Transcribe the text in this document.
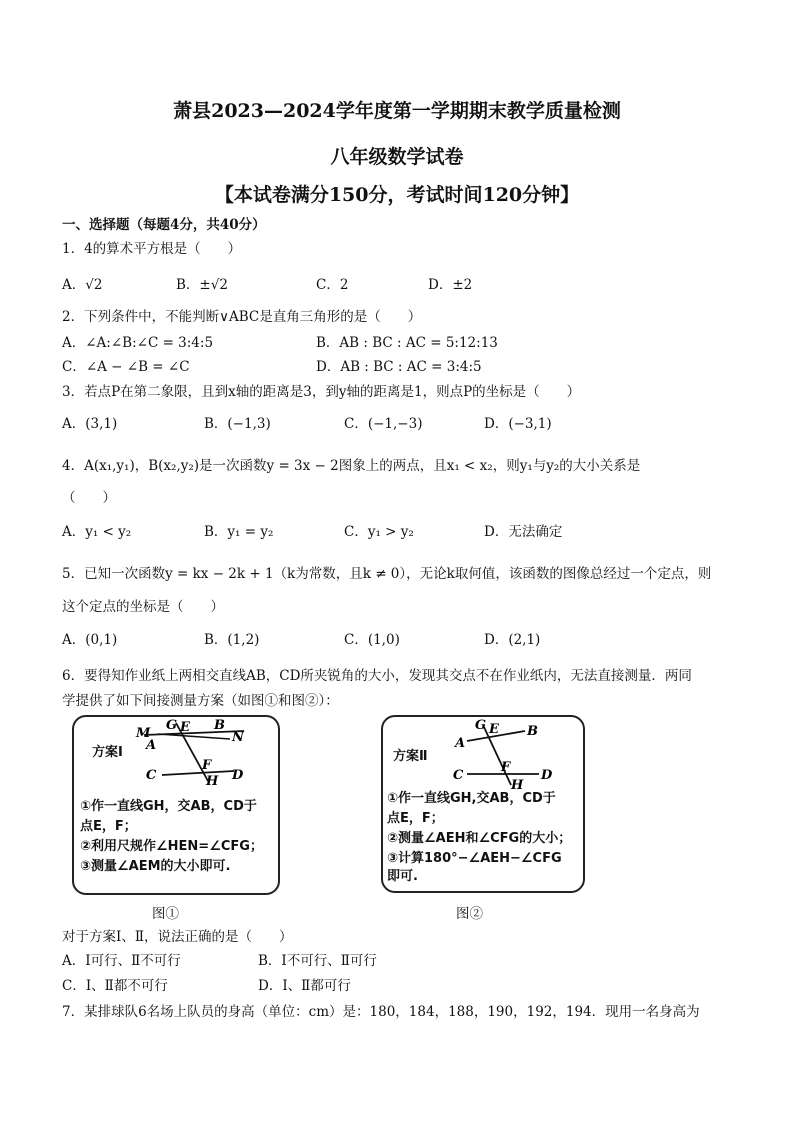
萧县2023—2024学年度第一学期期末教学质量检测
八年级数学试卷
【本试卷满分150分，考试时间120分钟】
一、选择题（每题4分，共40分）
1．4的算术平方根是（　　）
A．√2	B．±√2	C．2	D．±2
2．下列条件中，不能判断∨ABC是直角三角形的是（　　）
A．∠A:∠B:∠C = 3:4:5	B．AB : BC : AC = 5:12:13
C．∠A − ∠B = ∠C	D．AB : BC : AC = 3:4:5
3．若点P在第二象限，且到x轴的距离是3，到y轴的距离是1，则点P的坐标是（　　）
A．(3,1)	B．(−1,3)	C．(−1,−3)	D．(−3,1)
4．A(x₁,y₁)，B(x₂,y₂)是一次函数y = 3x − 2图象上的两点，且x₁ < x₂，则y₁与y₂的大小关系是
（　　）
A．y₁ < y₂	B．y₁ = y₂	C．y₁ > y₂	D．无法确定
5．已知一次函数y = kx − 2k + 1（k为常数，且k ≠ 0），无论k取何值，该函数的图像总经过一个定点，则
这个定点的坐标是（　　）
A．(0,1)	B．(1,2)	C．(1,0)	D．(2,1)
6．要得知作业纸上两相交直线AB，CD所夹锐角的大小，发现其交点不在作业纸内，无法直接测量．两同
学提供了如下间接测量方案（如图①和图②）：
M
G E B
N
A
C
F
H D
方案Ⅰ
①作一直线GH，交AB，CD于
点E，F；
②利用尺规作∠HEN=∠CFG；
③测量∠AEM的大小即可.
图①
G E B
A
C
F
D
H
方案Ⅱ
①作一直线GH,交AB，CD于
点E，F；
②测量∠AEH和∠CFG的大小；
③计算180°−∠AEH−∠CFG
即可.
图②
对于方案Ⅰ、Ⅱ，说法正确的是（　　）
A．Ⅰ可行、Ⅱ不可行	B．Ⅰ不可行、Ⅱ可行
C．Ⅰ、Ⅱ都不可行	D．Ⅰ、Ⅱ都可行
7．某排球队6名场上队员的身高（单位：cm）是：180，184，188，190，192，194．现用一名身高为
